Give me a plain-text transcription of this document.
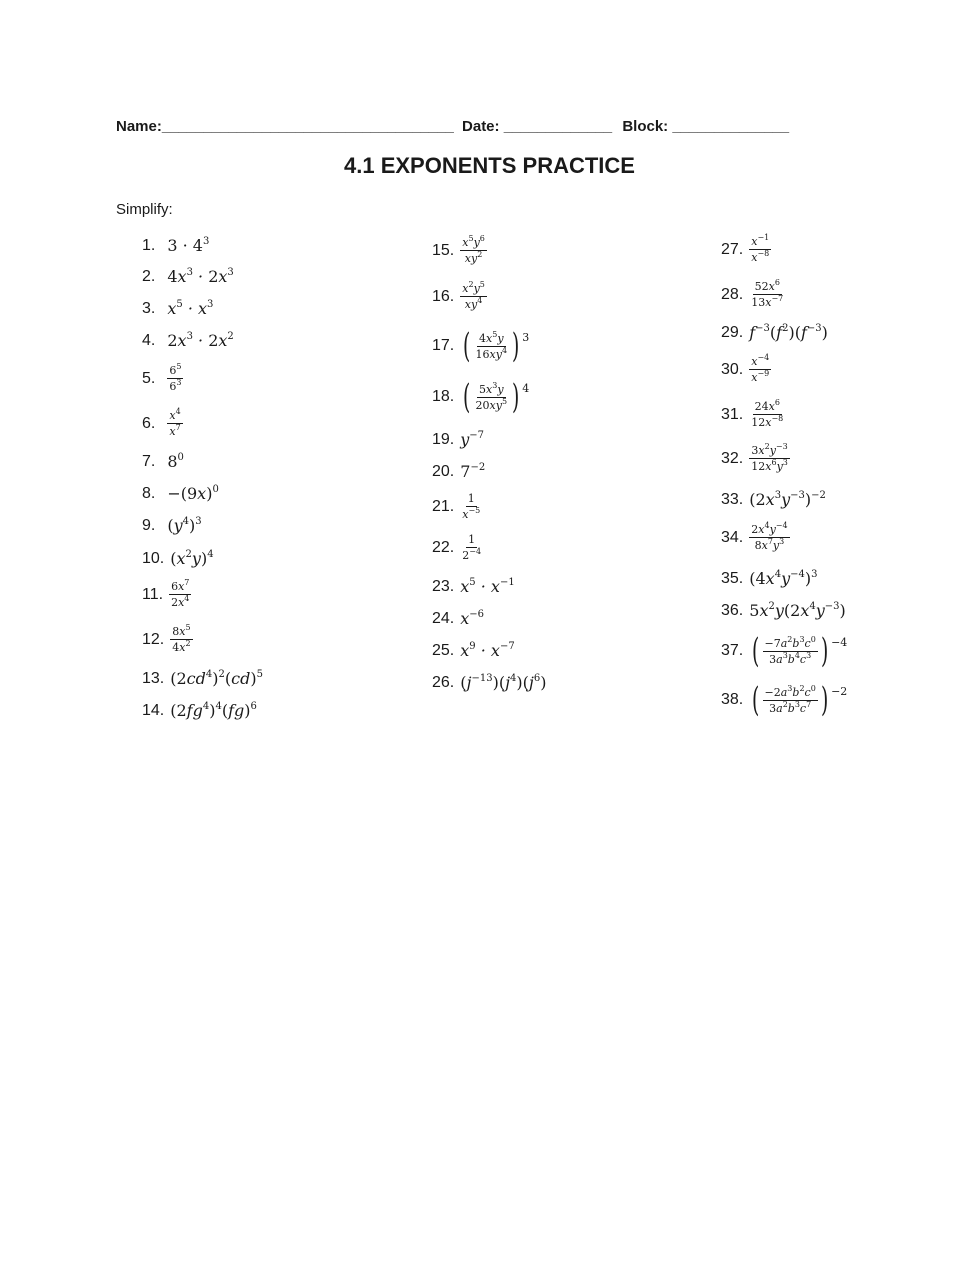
Name:___________________________________ Date: _____________ Block: ______________
4.1 EXPONENTS PRACTICE
Simplify:
1. $3 \cdot 4^3$
2. $4x^3 \cdot 2x^3$
3. $x^5 \cdot x^3$
4. $2x^3 \cdot 2x^2$
5. $\frac{6^5}{6^3}$
6. $\frac{x^4}{x^7}$
7. $8^0$
8. $-(9x)^0$
9. $(y^4)^3$
10. $(x^2y)^4$
11. $\frac{6x^7}{2x^4}$
12. $\frac{8x^5}{4x^2}$
13. $(2cd^4)^2(cd)^5$
14. $(2fg^4)^4(fg)^6$
15. $\frac{x^5y^6}{xy^2}$
16. $\frac{x^2y^5}{xy^4}$
17. ( $\frac{4x^5y}{16xy^4}$ ) 3
18. ( $\frac{5x^3y}{20xy^5}$ ) 4
19. $y^{-7}$
20. $7^{-2}$
21. $\frac{1}{x^{-5}}$
22. $\frac{1}{2^{-4}}$
23. $x^5 \cdot x^{-1}$
24. $x^{-6}$
25. $x^9 \cdot x^{-7}$
26. $(j^{-13})(j^4)(j^6)$
27. $\frac{x^{-1}}{x^{-8}}$
28. $\frac{52x^6}{13x^{-7}}$
29. $f^{-3}(f^2)(f^{-3})$
30. $\frac{x^{-4}}{x^{-9}}$
31. $\frac{24x^6}{12x^{-8}}$
32. $\frac{3x^2y^{-3}}{12x^6y^3}$
33. $(2x^3y^{-3})^{-2}$
34. $\frac{2x^4y^{-4}}{8x^7y^3}$
35. $(4x^4y^{-4})^3$
36. $5x^2y(2x^4y^{-3})$
37. ( $\frac{-7a^2b^3c^0}{3a^3b^4c^3}$ ) −4
38. ( $\frac{-2a^3b^2c^0}{3a^2b^3c^7}$ ) −2
